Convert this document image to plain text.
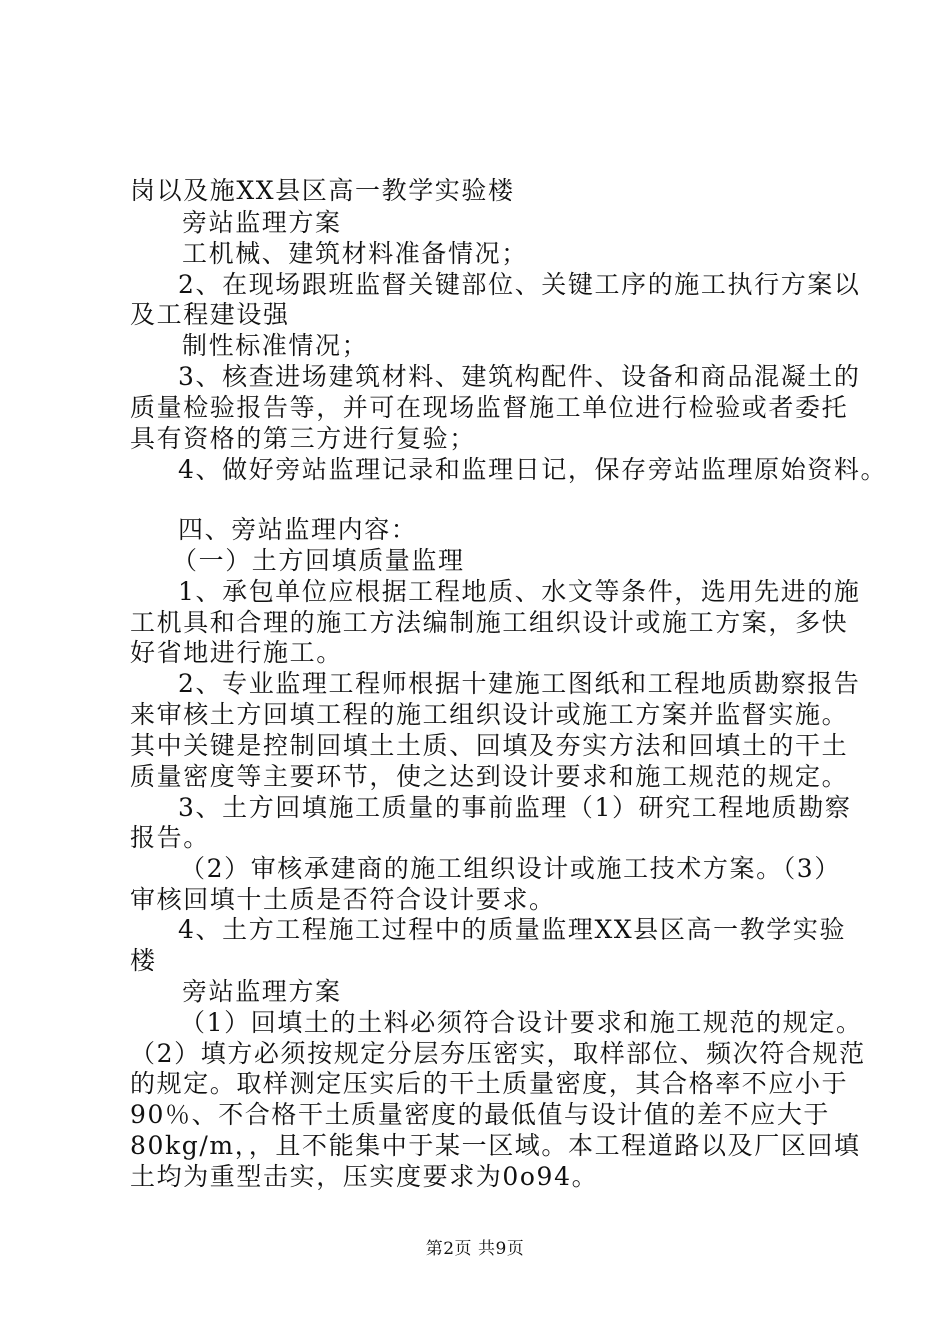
岗以及施XX县区高一教学实验楼
旁站监理方案
工机械、建筑材料准备情况；
2、在现场跟班监督关键部位、关键工序的施工执行方案以
及工程建设强
制性标准情况；
3、核查进场建筑材料、建筑构配件、设备和商品混凝土的
质量检验报告等，并可在现场监督施工单位进行检验或者委托
具有资格的第三方进行复验；
4、做好旁站监理记录和监理日记，保存旁站监理原始资料。
四、旁站监理内容：
（一）土方回填质量监理
1、承包单位应根据工程地质、水文等条件，选用先进的施
工机具和合理的施工方法编制施工组织设计或施工方案，多快
好省地进行施工。
2、专业监理工程师根据十建施工图纸和工程地质勘察报告
来审核土方回填工程的施工组织设计或施工方案并监督实施。
其中关键是控制回填土土质、回填及夯实方法和回填土的干土
质量密度等主要环节，使之达到设计要求和施工规范的规定。
3、土方回填施工质量的事前监理（1）研究工程地质勘察
报告。
（2）审核承建商的施工组织设计或施工技术方案。（3）
审核回填十土质是否符合设计要求。
4、土方工程施工过程中的质量监理XX县区高一教学实验
楼
旁站监理方案
（1）回填土的土料必须符合设计要求和施工规范的规定。
（2）填方必须按规定分层夯压密实，取样部位、频次符合规范
的规定。取样测定压实后的干土质量密度，其合格率不应小于
90％、不合格干土质量密度的最低值与设计值的差不应大于
80kg/m，，且不能集中于某一区域。本工程道路以及厂区回填
土均为重型击实，压实度要求为0o94。
第2页 共9页
